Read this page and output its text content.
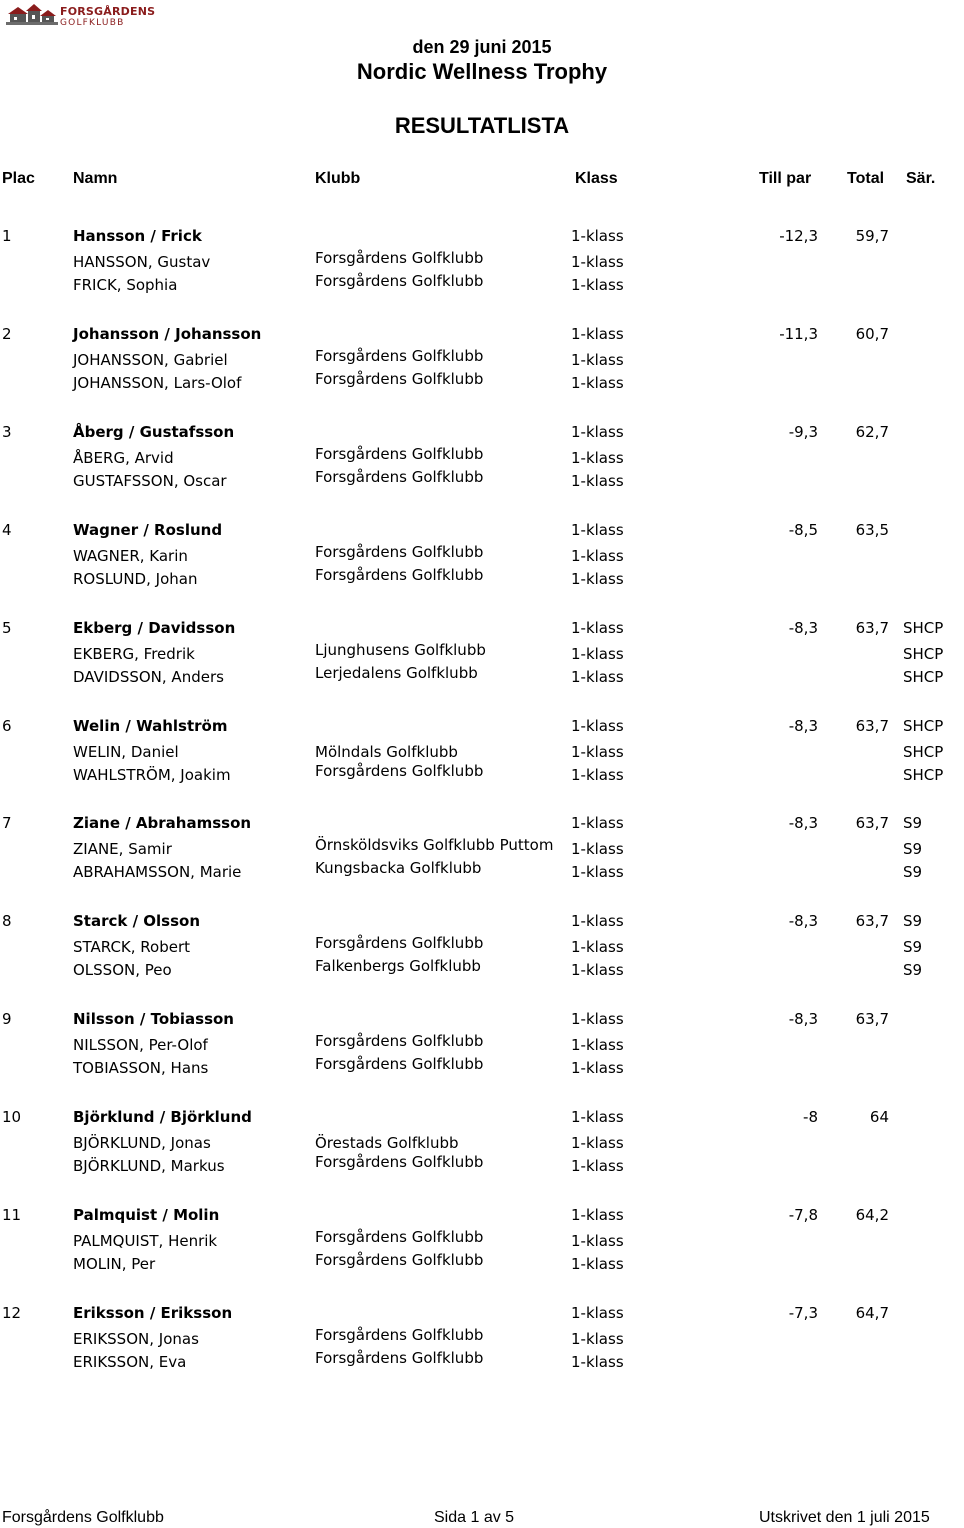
FORSGÅRDENS
GOLFKLUBB
den 29 juni 2015
Nordic Wellness Trophy
RESULTATLISTA
Plac Namn	Klubb	Klass	Till par Total Sär.
1	Hansson / Frick	1-klass	-12,3	59,7
HANSSON, Gustav	Forsgårdens Golfklubb	1-klass
FRICK, Sophia	Forsgårdens Golfklubb	1-klass
2	Johansson / Johansson	1-klass	-11,3	60,7
JOHANSSON, Gabriel	Forsgårdens Golfklubb	1-klass
JOHANSSON, Lars-Olof	Forsgårdens Golfklubb	1-klass
3	Åberg / Gustafsson	1-klass	-9,3	62,7
ÅBERG, Arvid	Forsgårdens Golfklubb	1-klass
GUSTAFSSON, Oscar	Forsgårdens Golfklubb	1-klass
4	Wagner / Roslund	1-klass	-8,5	63,5
WAGNER, Karin	Forsgårdens Golfklubb	1-klass
ROSLUND, Johan	Forsgårdens Golfklubb	1-klass
5	Ekberg / Davidsson	1-klass	-8,3	63,7 SHCP
EKBERG, Fredrik	Ljunghusens Golfklubb	1-klass	SHCP
DAVIDSSON, Anders	Lerjedalens Golfklubb	1-klass	SHCP
6	Welin / Wahlström	1-klass	-8,3	63,7 SHCP
WELIN, Daniel	Mölndals Golfklubb	1-klass	SHCP
WAHLSTRÖM, Joakim	Forsgårdens Golfklubb	1-klass	SHCP
7	Ziane / Abrahamsson	1-klass	-8,3	63,7 S9
ZIANE, Samir	Örnsköldsviks Golfklubb Puttom 1-klass	S9
ABRAHAMSSON, Marie	Kungsbacka Golfklubb	1-klass	S9
8	Starck / Olsson	1-klass	-8,3	63,7 S9
STARCK, Robert	Forsgårdens Golfklubb	1-klass	S9
OLSSON, Peo	Falkenbergs Golfklubb	1-klass	S9
9	Nilsson / Tobiasson	1-klass	-8,3	63,7
NILSSON, Per-Olof	Forsgårdens Golfklubb	1-klass
TOBIASSON, Hans	Forsgårdens Golfklubb	1-klass
10	Björklund / Björklund	1-klass	-8	64
BJÖRKLUND, Jonas	Örestads Golfklubb	1-klass
BJÖRKLUND, Markus	Forsgårdens Golfklubb	1-klass
11	Palmquist / Molin	1-klass	-7,8	64,2
PALMQUIST, Henrik	Forsgårdens Golfklubb	1-klass
MOLIN, Per	Forsgårdens Golfklubb	1-klass
12	Eriksson / Eriksson	1-klass	-7,3	64,7
ERIKSSON, Jonas	Forsgårdens Golfklubb	1-klass
ERIKSSON, Eva	Forsgårdens Golfklubb	1-klass
Forsgårdens Golfklubb	Sida 1 av 5	Utskrivet den 1 juli 2015
